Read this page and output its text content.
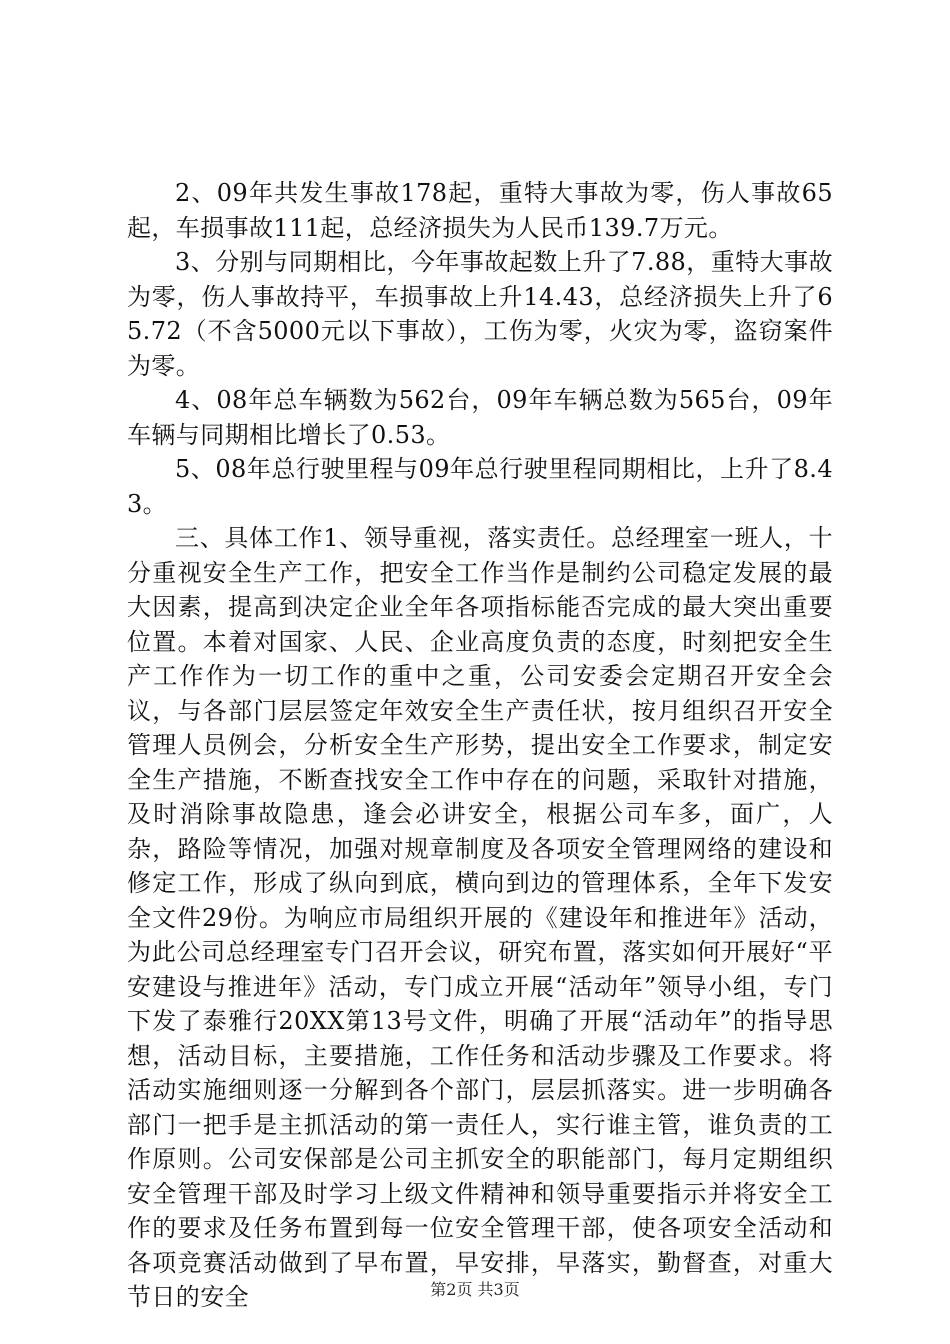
2、09年共发生事故178起，重特大事故为零，伤人事故65起，车损事故111起，总经济损失为人民币139.7万元。

3、分别与同期相比，今年事故起数上升了7.88，重特大事故为零，伤人事故持平，车损事故上升14.43，总经济损失上升了65.72（不含5000元以下事故），工伤为零，火灾为零，盗窃案件为零。

4、08年总车辆数为562台，09年车辆总数为565台，09年车辆与同期相比增长了0.53。

5、08年总行驶里程与09年总行驶里程同期相比，上升了8.43。

三、具体工作1、领导重视，落实责任。总经理室一班人，十分重视安全生产工作，把安全工作当作是制约公司稳定发展的最大因素，提高到决定企业全年各项指标能否完成的最大突出重要位置。本着对国家、人民、企业高度负责的态度，时刻把安全生产工作作为一切工作的重中之重，公司安委会定期召开安全会议，与各部门层层签定年效安全生产责任状，按月组织召开安全管理人员例会，分析安全生产形势，提出安全工作要求，制定安全生产措施，不断查找安全工作中存在的问题，采取针对措施，及时消除事故隐患，逢会必讲安全，根据公司车多，面广，人杂，路险等情况，加强对规章制度及各项安全管理网络的建设和修定工作，形成了纵向到底，横向到边的管理体系，全年下发安全文件29份。为响应市局组织开展的《建设年和推进年》活动，为此公司总经理室专门召开会议，研究布置，落实如何开展好“平安建设与推进年》活动，专门成立开展“活动年”领导小组，专门下发了泰雅行20XX第13号文件，明确了开展“活动年”的指导思想，活动目标，主要措施，工作任务和活动步骤及工作要求。将活动实施细则逐一分解到各个部门，层层抓落实。进一步明确各部门一把手是主抓活动的第一责任人，实行谁主管，谁负责的工作原则。公司安保部是公司主抓安全的职能部门，每月定期组织安全管理干部及时学习上级文件精神和领导重要指示并将安全工作的要求及任务布置到每一位安全管理干部，使各项安全活动和各项竞赛活动做到了早布置，早安排，早落实，勤督查，对重大节日的安全	第2页 共3页
